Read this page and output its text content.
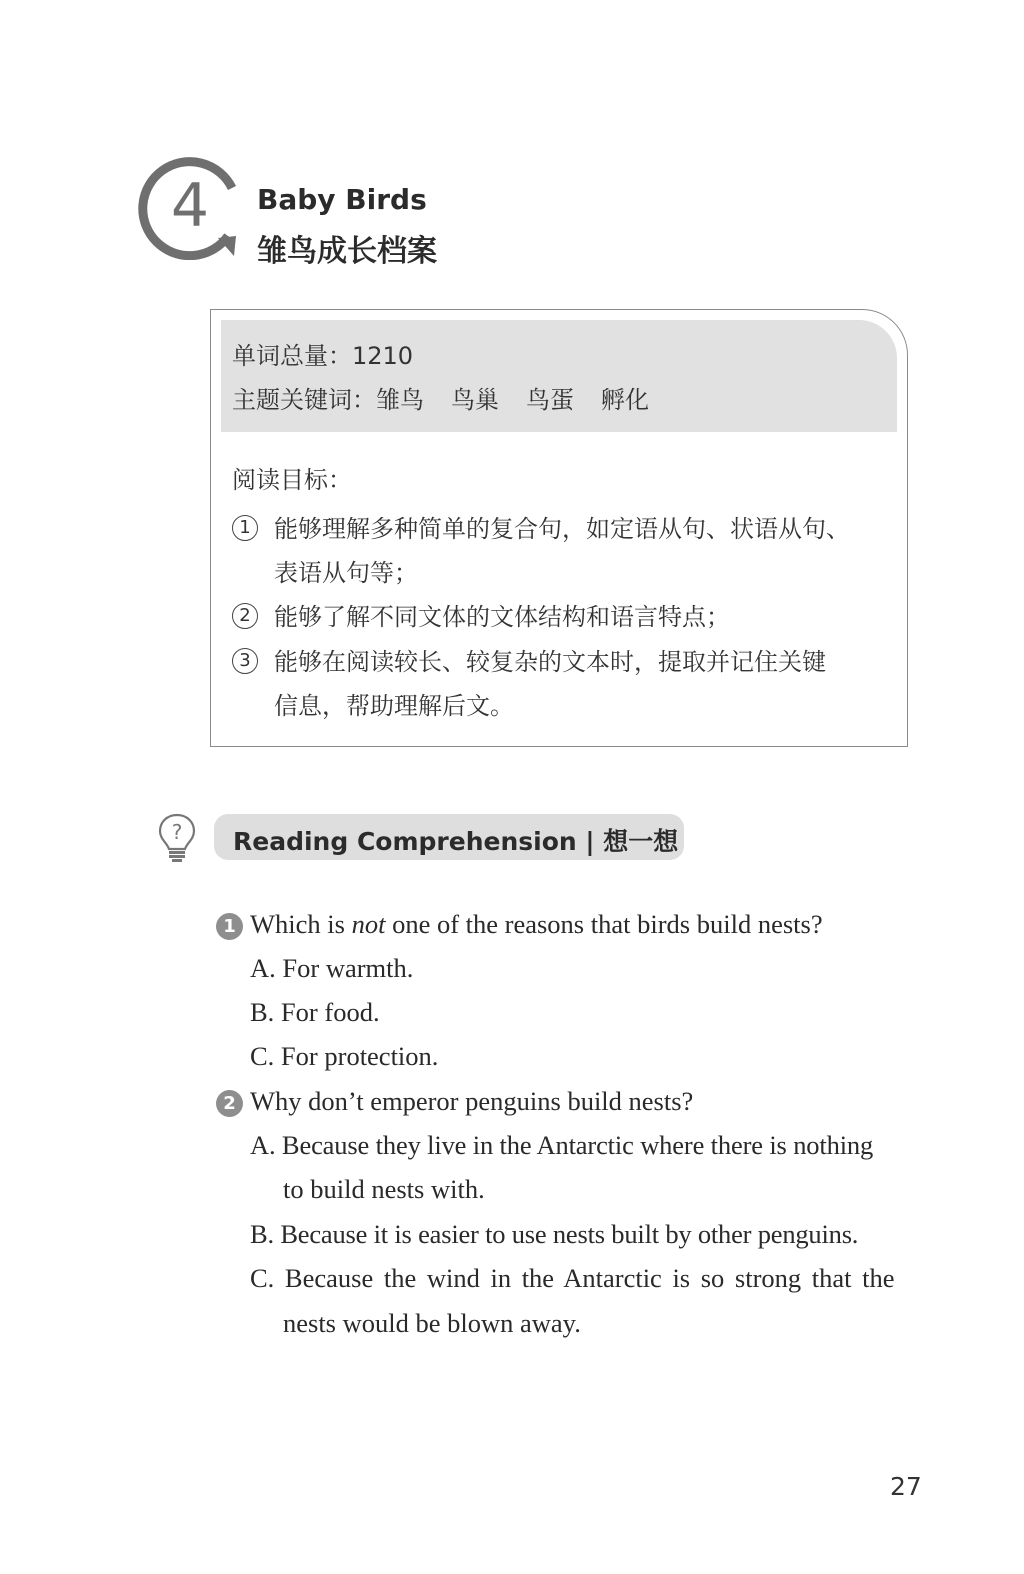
4 Baby Birds
雏鸟成长档案
单词总量：1210
主题关键词：雏鸟 鸟巢 鸟蛋 孵化
阅读目标：
1 能够理解多种简单的复合句，如定语从句、状语从句、
表语从句等；
2 能够了解不同文体的文体结构和语言特点；
3 能够在阅读较长、较复杂的文本时，提取并记住关键
信息，帮助理解后文。
? Reading Comprehension | 想一想
1 Which is not one of the reasons that birds build nests?
A. For warmth.
B. For food.
C. For protection.
2 Why don’t emperor penguins build nests?
A. Because they live in the Antarctic where there is nothing
to build nests with.
B. Because it is easier to use nests built by other penguins.
C. Because the wind in the Antarctic is so strong that the
nests would be blown away.
27
